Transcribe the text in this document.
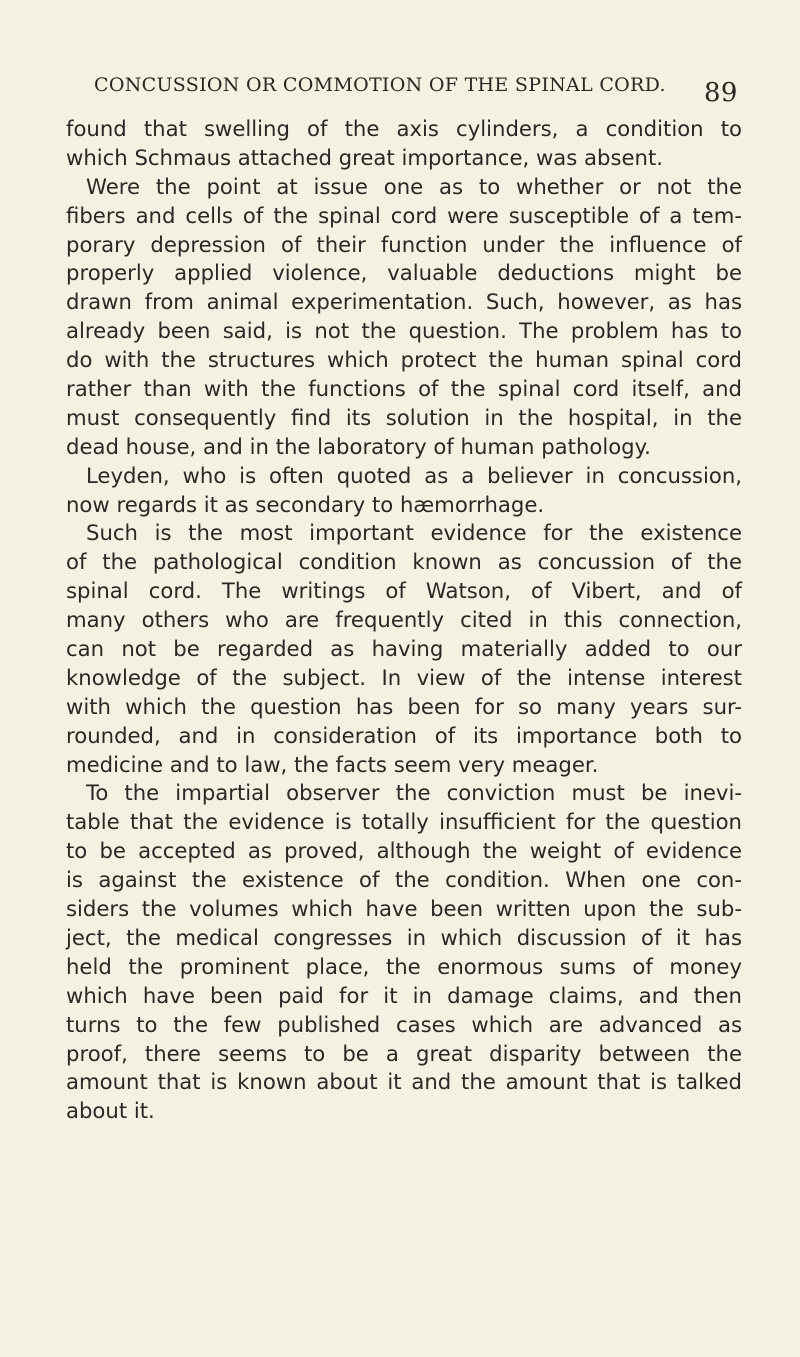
CONCUSSION OR COMMOTION OF THE SPINAL CORD. 89
found that swelling of the axis cylinders, a condition to
which Schmaus attached great importance, was absent.
Were the point at issue one as to whether or not the
fibers and cells of the spinal cord were susceptible of a tem-
porary depression of their function under the influence of
properly applied violence, valuable deductions might be
drawn from animal experimentation. Such, however, as has
already been said, is not the question. The problem has to
do with the structures which protect the human spinal cord
rather than with the functions of the spinal cord itself, and
must consequently find its solution in the hospital, in the
dead house, and in the laboratory of human pathology.
Leyden, who is often quoted as a believer in concussion,
now regards it as secondary to hæmorrhage.
Such is the most important evidence for the existence
of the pathological condition known as concussion of the
spinal cord. The writings of Watson, of Vibert, and of
many others who are frequently cited in this connection,
can not be regarded as having materially added to our
knowledge of the subject. In view of the intense interest
with which the question has been for so many years sur-
rounded, and in consideration of its importance both to
medicine and to law, the facts seem very meager.
To the impartial observer the conviction must be inevi-
table that the evidence is totally insufficient for the question
to be accepted as proved, although the weight of evidence
is against the existence of the condition. When one con-
siders the volumes which have been written upon the sub-
ject, the medical congresses in which discussion of it has
held the prominent place, the enormous sums of money
which have been paid for it in damage claims, and then
turns to the few published cases which are advanced as
proof, there seems to be a great disparity between the
amount that is known about it and the amount that is talked
about it.
